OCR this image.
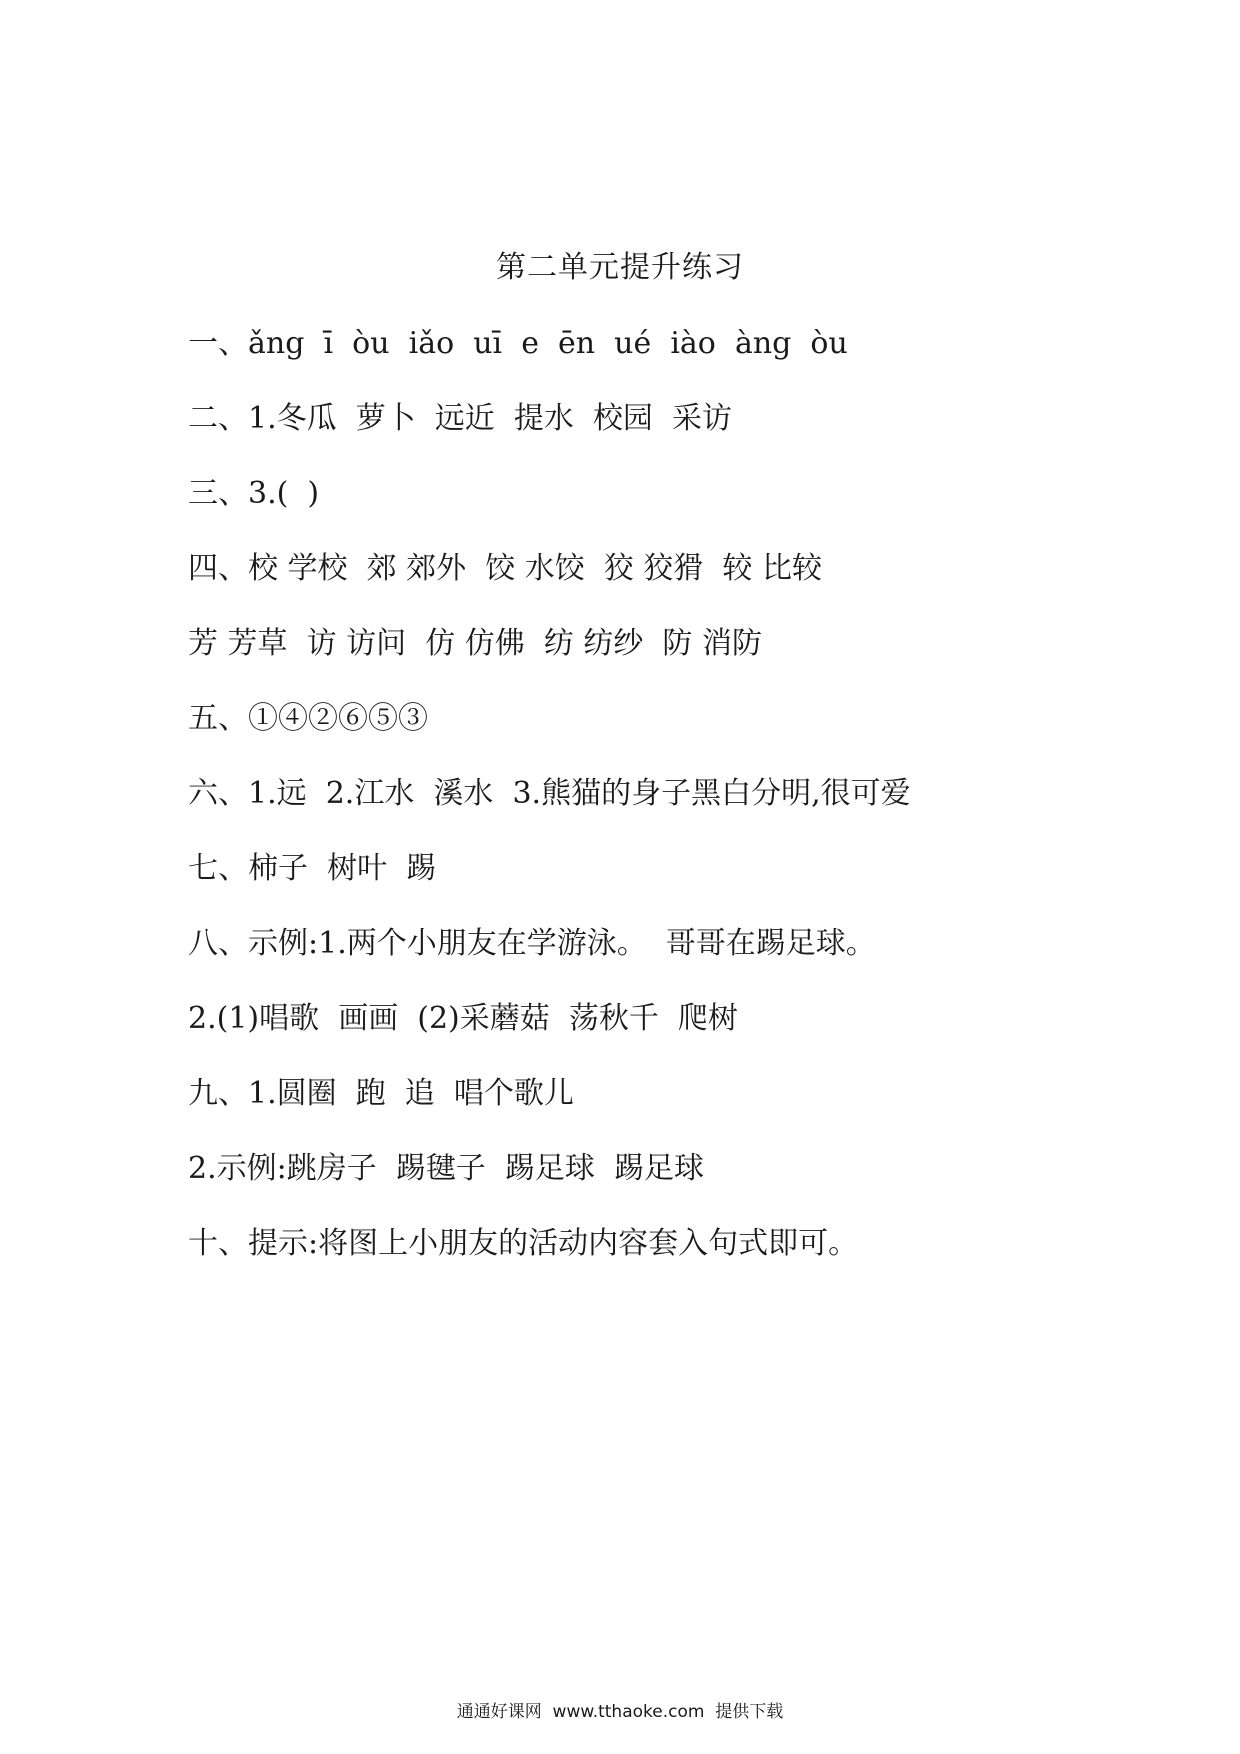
第二单元提升练习
一、ǎng  ī  òu  iǎo  uī  e  ēn  ué  iào  àng  òu
二、1.冬瓜  萝卜  远近  提水  校园  采访
三、3.(  )
四、校 学校  郊 郊外  饺 水饺  狡 狡猾  较 比较
芳 芳草  访 访问  仿 仿佛  纺 纺纱  防 消防
五、①④②⑥⑤③
六、1.远  2.江水  溪水  3.熊猫的身子黑白分明,很可爱
七、柿子  树叶  踢
八、示例:1.两个小朋友在学游泳。  哥哥在踢足球。
2.(1)唱歌  画画  (2)采蘑菇  荡秋千  爬树
九、1.圆圈  跑  追  唱个歌儿
2.示例:跳房子  踢毽子  踢足球  踢足球
十、提示:将图上小朋友的活动内容套入句式即可。
通通好课网  www.tthaoke.com  提供下载
